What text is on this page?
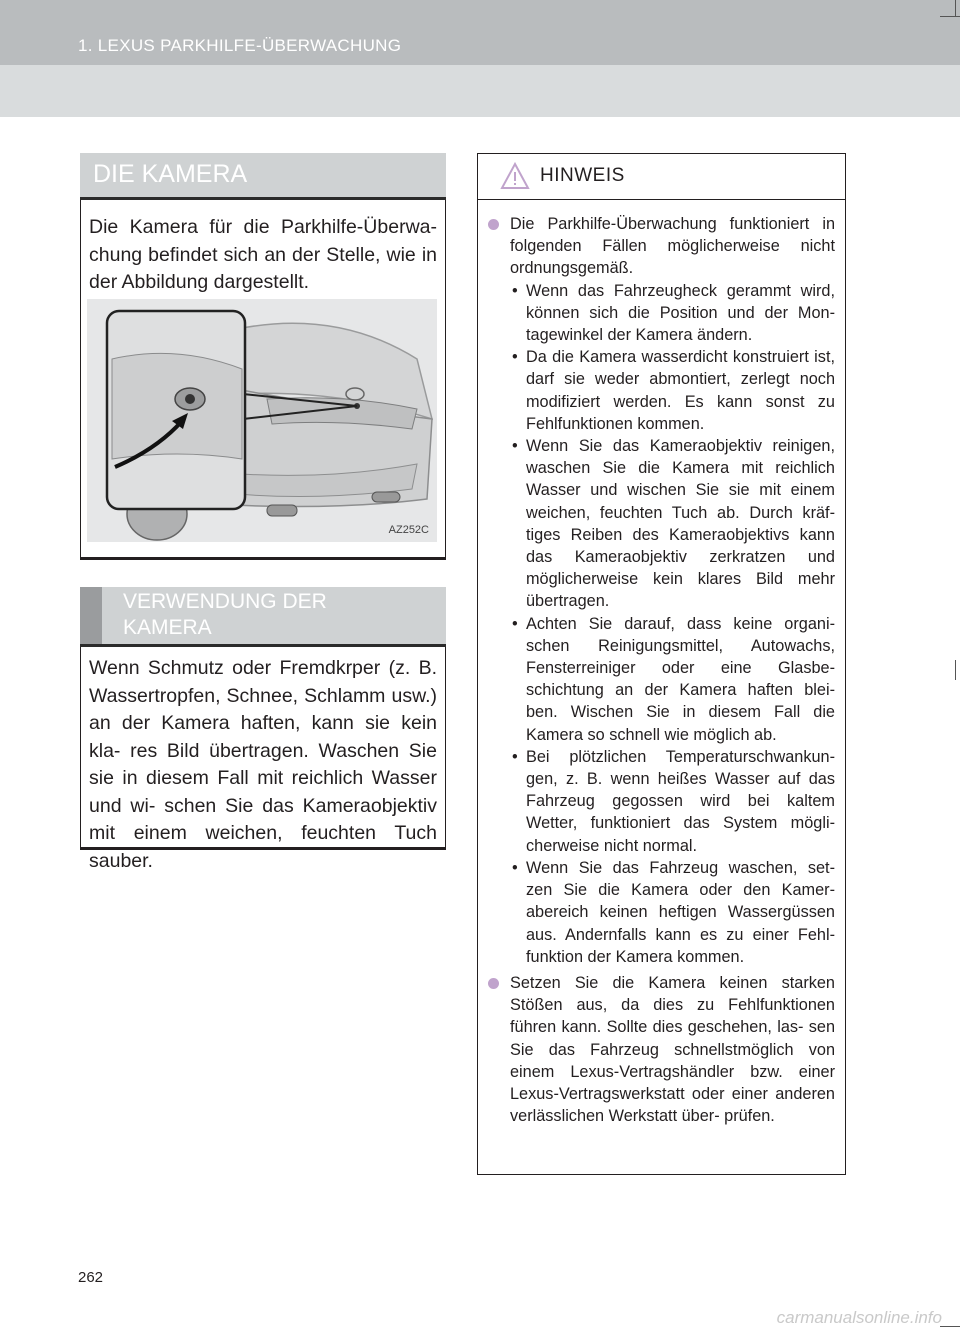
1. LEXUS PARKHILFE-ÜBERWACHUNG
DIE KAMERA
Die Kamera für die Parkhilfe-Überwa- chung befindet sich an der Stelle, wie in der Abbildung dargestellt.
AZ252C
VERWENDUNG DER
KAMERA
Wenn Schmutz oder Fremdkrper (z. B. Wassertropfen, Schnee, Schlamm usw.) an der Kamera haften, kann sie kein kla- res Bild übertragen. Waschen Sie sie in diesem Fall mit reichlich Wasser und wi- schen Sie das Kameraobjektiv mit einem weichen, feuchten Tuch sauber.
HINWEIS
Die Parkhilfe-Überwachung funktioniert in folgenden Fällen möglicherweise nicht ordnungsgemäß.
• Wenn das Fahrzeugheck gerammt wird, können sich die Position und der Mon- tagewinkel der Kamera ändern.
• Da die Kamera wasserdicht konstruiert ist, darf sie weder abmontiert, zerlegt noch modifiziert werden. Es kann sonst zu Fehlfunktionen kommen.
• Wenn Sie das Kameraobjektiv reinigen, waschen Sie die Kamera mit reichlich Wasser und wischen Sie sie mit einem weichen, feuchten Tuch ab. Durch kräf- tiges Reiben des Kameraobjektivs kann das Kameraobjektiv zerkratzen und möglicherweise kein klares Bild mehr übertragen.
• Achten Sie darauf, dass keine organi- schen Reinigungsmittel, Autowachs, Fensterreiniger oder eine Glasbe- schichtung an der Kamera haften blei- ben. Wischen Sie in diesem Fall die Kamera so schnell wie möglich ab.
• Bei plötzlichen Temperaturschwankun- gen, z. B. wenn heißes Wasser auf das Fahrzeug gegossen wird bei kaltem Wetter, funktioniert das System mögli- cherweise nicht normal.
• Wenn Sie das Fahrzeug waschen, set- zen Sie die Kamera oder den Kamer- abereich keinen heftigen Wassergüssen aus. Andernfalls kann es zu einer Fehl- funktion der Kamera kommen.
Setzen Sie die Kamera keinen starken Stößen aus, da dies zu Fehlfunktionen führen kann. Sollte dies geschehen, las- sen Sie das Fahrzeug schnellstmöglich von einem Lexus-Vertragshändler bzw. einer Lexus-Vertragswerkstatt oder einer anderen verlässlichen Werkstatt über- prüfen.
262
carmanualsonline.info
